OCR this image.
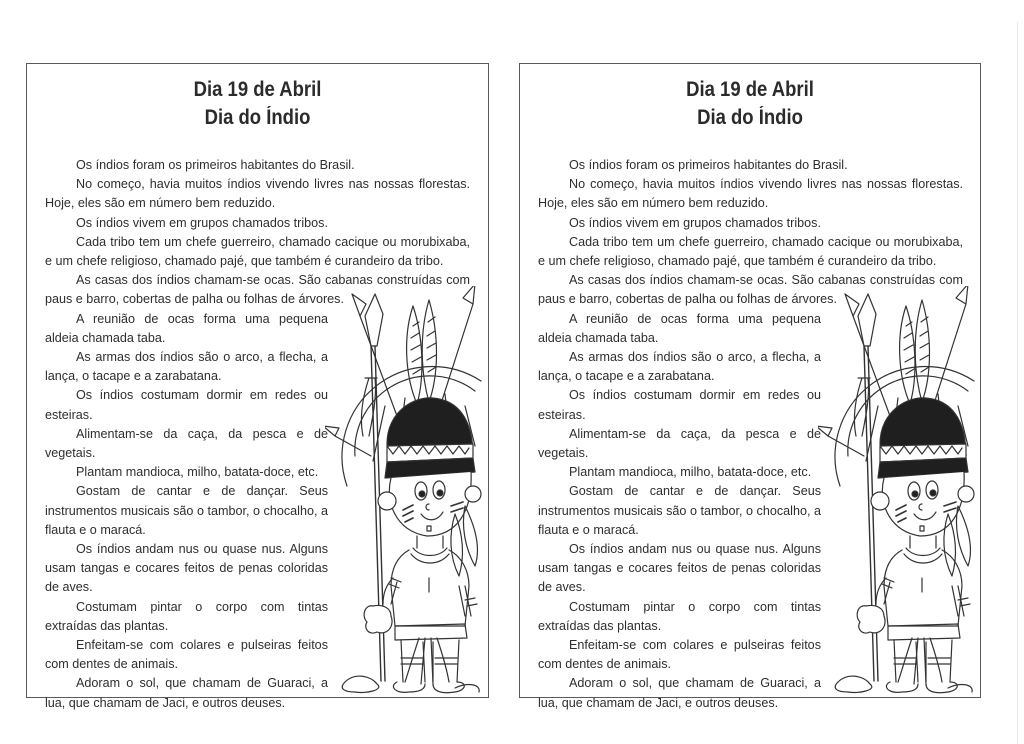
Dia 19 de Abril
Dia do Índio

Os índios foram os primeiros habitantes do Brasil.

No começo, havia muitos índios vivendo livres nas nossas florestas. Hoje, eles são em número bem reduzido.

Os índios vivem em grupos chamados tribos.

Cada tribo tem um chefe guerreiro, chamado cacique ou morubixaba, e um chefe religioso, chamado pajé, que também é curandeiro da tribo.

As casas dos índios chamam-se ocas. São cabanas construídas com paus e barro, cobertas de palha ou folhas de árvores.

A reunião de ocas forma uma pequena aldeia chamada taba.

As armas dos índios são o arco, a flecha, a lança, o tacape e a zarabatana.

Os índios costumam dormir em redes ou esteiras.

Alimentam-se da caça, da pesca e de vegetais.

Plantam mandioca, milho, batata-doce, etc.

Gostam de cantar e de dançar. Seus instrumentos musicais são o tambor, o chocalho, a flauta e o maracá.

Os índios andam nus ou quase nus. Alguns usam tangas e cocares feitos de penas coloridas de aves.

Costumam pintar o corpo com tintas extraídas das plantas.

Enfeitam-se com colares e pulseiras feitos com dentes de animais.

Adoram o sol, que chamam de Guaraci, a lua, que chamam de Jaci, e outros deuses.

Dia 19 de Abril
Dia do Índio

Os índios foram os primeiros habitantes do Brasil.

No começo, havia muitos índios vivendo livres nas nossas florestas. Hoje, eles são em número bem reduzido.

Os índios vivem em grupos chamados tribos.

Cada tribo tem um chefe guerreiro, chamado cacique ou morubixaba, e um chefe religioso, chamado pajé, que também é curandeiro da tribo.

As casas dos índios chamam-se ocas. São cabanas construídas com paus e barro, cobertas de palha ou folhas de árvores.

A reunião de ocas forma uma pequena aldeia chamada taba.

As armas dos índios são o arco, a flecha, a lança, o tacape e a zarabatana.

Os índios costumam dormir em redes ou esteiras.

Alimentam-se da caça, da pesca e de vegetais.

Plantam mandioca, milho, batata-doce, etc.

Gostam de cantar e de dançar. Seus instrumentos musicais são o tambor, o chocalho, a flauta e o maracá.

Os índios andam nus ou quase nus. Alguns usam tangas e cocares feitos de penas coloridas de aves.

Costumam pintar o corpo com tintas extraídas das plantas.

Enfeitam-se com colares e pulseiras feitos com dentes de animais.

Adoram o sol, que chamam de Guaraci, a lua, que chamam de Jaci, e outros deuses.
